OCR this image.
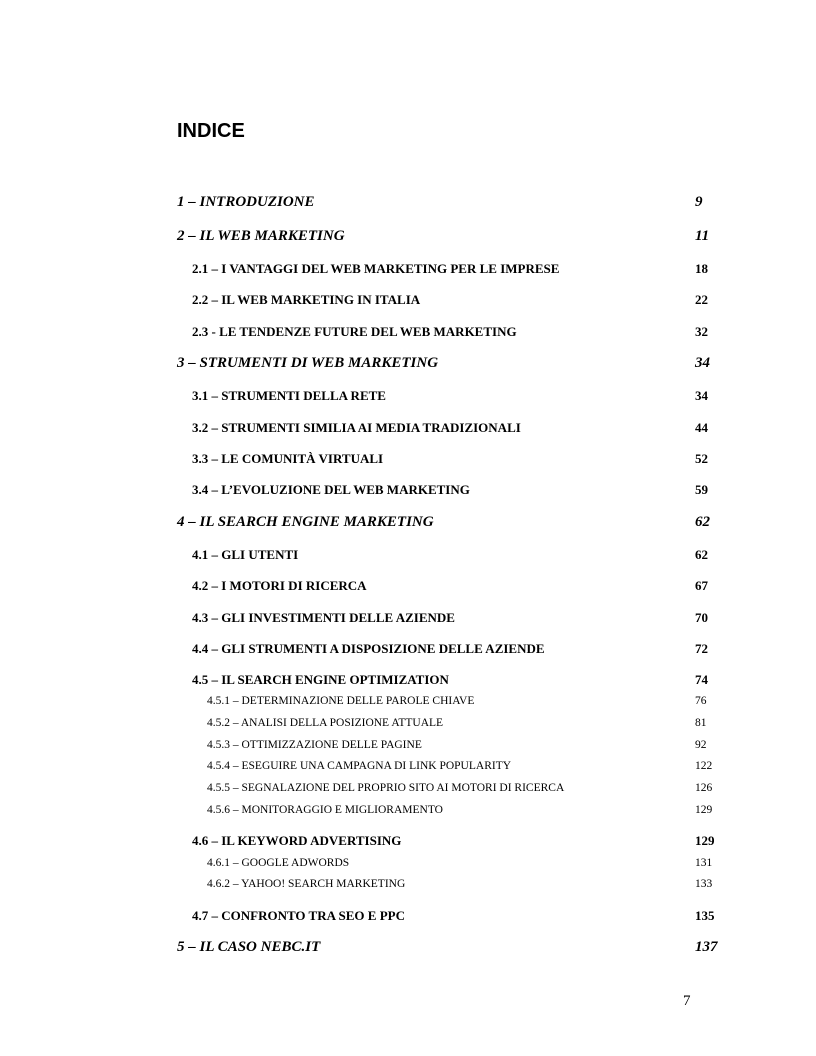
INDICE
1 – INTRODUZIONE	9
2 – IL WEB MARKETING	11
2.1 – I VANTAGGI DEL WEB MARKETING PER LE IMPRESE	18
2.2 – IL WEB MARKETING IN ITALIA	22
2.3 - LE TENDENZE FUTURE DEL WEB MARKETING	32
3 – STRUMENTI DI WEB MARKETING	34
3.1 – STRUMENTI DELLA RETE	34
3.2 – STRUMENTI SIMILIA AI MEDIA TRADIZIONALI	44
3.3 – LE COMUNITÀ VIRTUALI	52
3.4 – L’EVOLUZIONE DEL WEB MARKETING	59
4 – IL SEARCH ENGINE MARKETING	62
4.1 – GLI UTENTI	62
4.2 – I MOTORI DI RICERCA	67
4.3 – GLI INVESTIMENTI DELLE AZIENDE	70
4.4 – GLI STRUMENTI A DISPOSIZIONE DELLE AZIENDE	72
4.5 – IL SEARCH ENGINE OPTIMIZATION	74
4.5.1 – DETERMINAZIONE DELLE PAROLE CHIAVE	76
4.5.2 – ANALISI DELLA POSIZIONE ATTUALE	81
4.5.3 – OTTIMIZZAZIONE DELLE PAGINE	92
4.5.4 – ESEGUIRE UNA CAMPAGNA DI LINK POPULARITY	122
4.5.5 – SEGNALAZIONE DEL PROPRIO SITO AI MOTORI DI RICERCA	126
4.5.6 – MONITORAGGIO E MIGLIORAMENTO	129
4.6 – IL KEYWORD ADVERTISING	129
4.6.1 – GOOGLE ADWORDS	131
4.6.2 – YAHOO! SEARCH MARKETING	133
4.7 – CONFRONTO TRA SEO E PPC	135
5 – IL CASO NEBC.IT	137
7
